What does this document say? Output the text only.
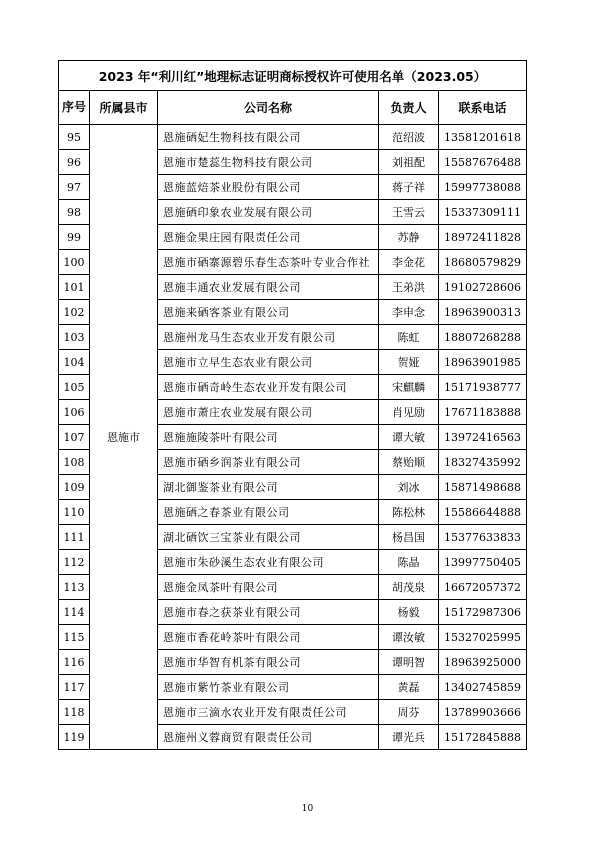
2023 年“利川红”地理标志证明商标授权许可使用名单（2023.05）				
序号	所属县市	公司名称	负责人	联系电话
95	恩施市	恩施硒妃生物科技有限公司	范绍波	13581201618
96		恩施市楚蕊生物科技有限公司	刘祖配	15587676488
97		恩施蓝焙茶业股份有限公司	蒋子祥	15997738088
98		恩施硒印象农业发展有限公司	王雪云	15337309111
99		恩施金果庄园有限责任公司	苏静	18972411828
100		恩施市硒寨源碧乐春生态茶叶专业合作社	李金花	18680579829
101		恩施丰通农业发展有限公司	王弟洪	19102728606
102		恩施来硒客茶业有限公司	李申念	18963900313
103		恩施州龙马生态农业开发有限公司	陈虹	18807268288
104		恩施市立早生态农业有限公司	贺娅	18963901985
105		恩施市硒奇岭生态农业开发有限公司	宋麒麟	15171938777
106		恩施市萧庄农业发展有限公司	肖见励	17671183888
107		恩施施陵茶叶有限公司	谭大敏	13972416563
108		恩施市硒乡润茶业有限公司	蔡贻顺	18327435992
109		湖北御鉴茶业有限公司	刘冰	15871498688
110		恩施硒之春茶业有限公司	陈松林	15586644888
111		湖北硒饮三宝茶业有限公司	杨昌国	15377633833
112		恩施市朱砂溪生态农业有限公司	陈晶	13997750405
113		恩施金凤茶叶有限公司	胡茂泉	16672057372
114		恩施市春之获茶业有限公司	杨毅	15172987306
115		恩施市香花岭茶叶有限公司	谭汝敏	15327025995
116		恩施市华智有机茶有限公司	谭明智	18963925000
117		恩施市紫竹茶业有限公司	黄磊	13402745859
118		恩施市三滴水农业开发有限责任公司	周芬	13789903666
119		恩施州义蓉商贸有限责任公司	谭光兵	15172845888
10
